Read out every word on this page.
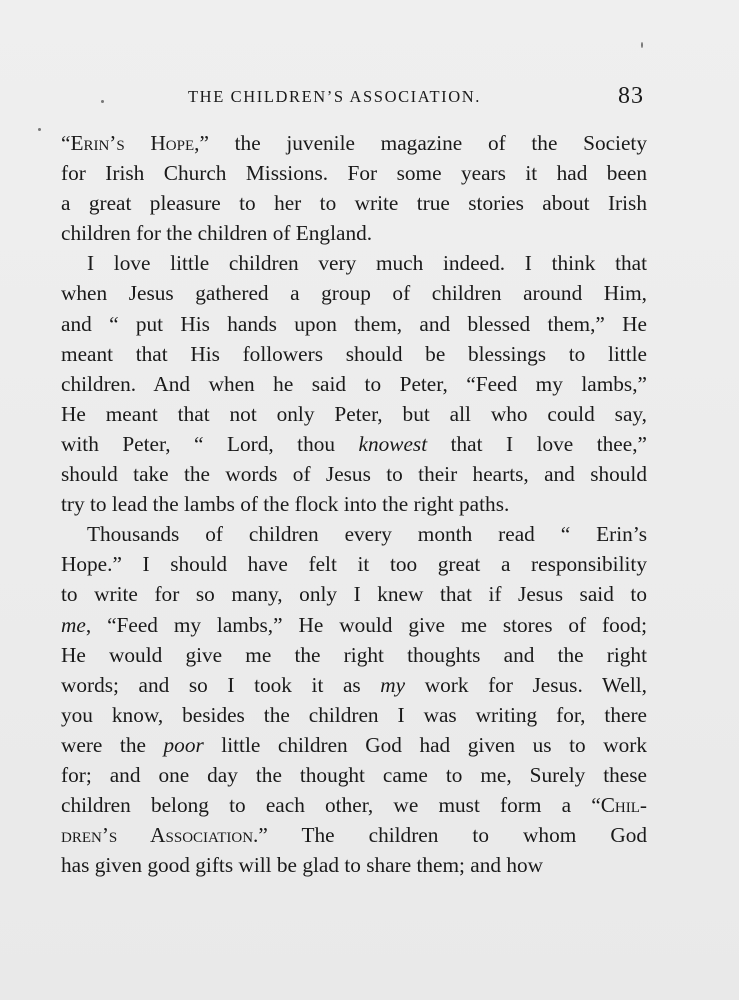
THE CHILDREN’S ASSOCIATION.	83
“Erin’s Hope,” the juvenile magazine of the Society
for Irish Church Missions. For some years it had been
a great pleasure to her to write true stories about Irish
children for the children of England.
I love little children very much indeed. I think that
when Jesus gathered a group of children around Him,
and “ put His hands upon them, and blessed them,” He
meant that His followers should be blessings to little
children. And when he said to Peter, “Feed my lambs,”
He meant that not only Peter, but all who could say,
with Peter, “ Lord, thou knowest that I love thee,”
should take the words of Jesus to their hearts, and should
try to lead the lambs of the flock into the right paths.
Thousands of children every month read “ Erin’s
Hope.” I should have felt it too great a responsibility
to write for so many, only I knew that if Jesus said to
me, “Feed my lambs,” He would give me stores of food;
He would give me the right thoughts and the right
words; and so I took it as my work for Jesus. Well,
you know, besides the children I was writing for, there
were the poor little children God had given us to work
for; and one day the thought came to me, Surely these
children belong to each other, we must form a “Chil-
dren’s Association.” The children to whom God
has given good gifts will be glad to share them; and how
